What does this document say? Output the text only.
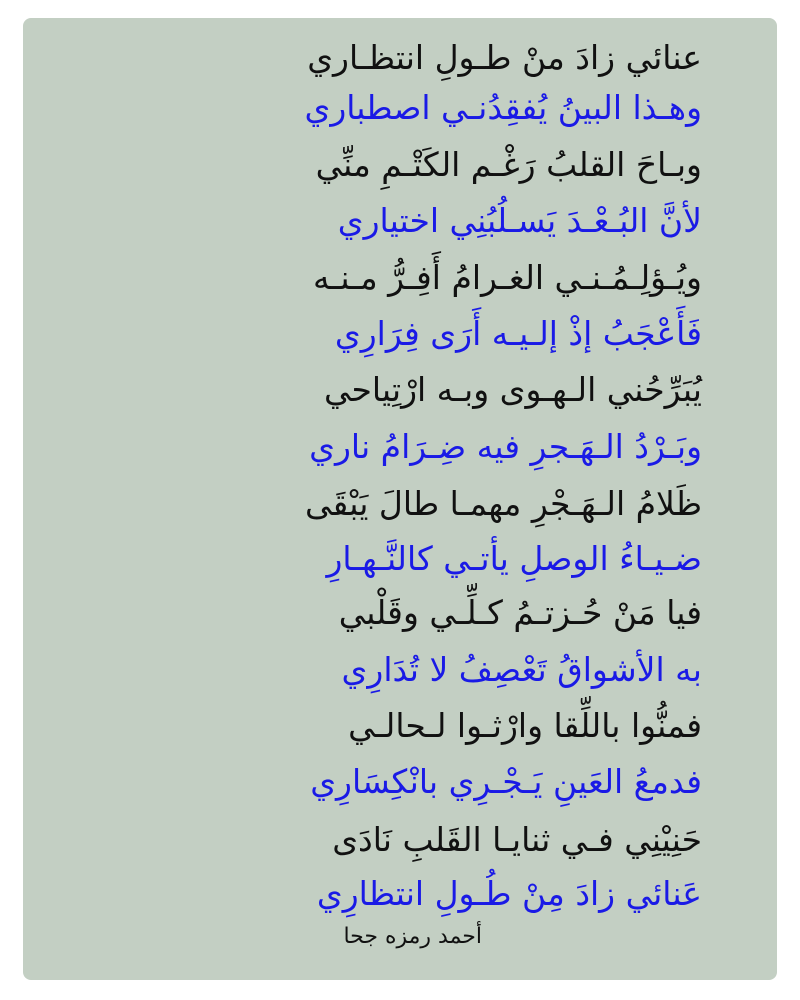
عنائي زادَ منْ طـولِ انتظـاري
وهـذا البينُ يُفقِدُنـي اصطباري
وبـاحَ القلبُ رَغْـم الكَتْـمِ منِّي
لأنَّ البُـعْـدَ يَسـلُبُنِي اختياري
ويُـؤلِـمُـنـي الغـرامُ أَفِـرُّ مـنـه
فَأَعْجَبُ إذْ إلـيـه أَرَى فِرَارِي
يُبَرِّحُني الـهـوى وبـه ارْتِياحي
وبَـرْدُ الـهَـجرِ فيه ضِـرَامُ ناري
ظَلامُ الـهَـجْرِ مهمـا طالَ يَبْقَى
ضـيـاءُ الوصلِ يأتـي كالنَّـهـارِ
فيا مَنْ حُـزتـمُ كـلِّـي وقَلْبي
به الأشواقُ تَعْصِفُ لا تُدَارِي
فمنُّوا باللِّقا وارْثـوا لـحالـي
فدمعُ العَينِ يَـجْـرِي بانْكِسَارِي
حَنِيْنِي فـي ثنايـا القَلبِ نَادَى
عَنائي زادَ مِنْ طُـولِ انتظارِي
أحمد رمزه جحا
